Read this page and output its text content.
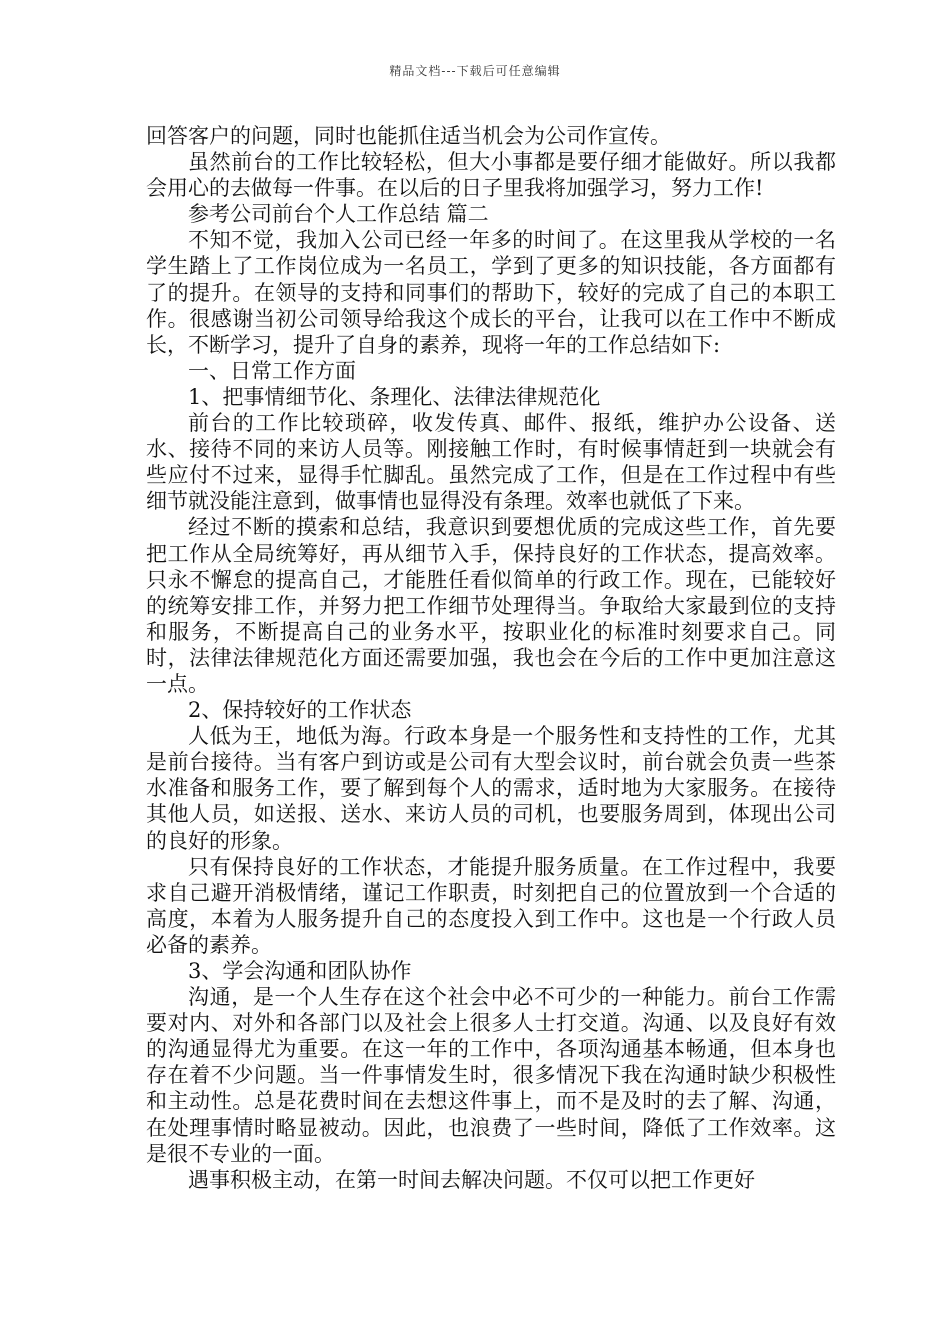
精品文档---下载后可任意编辑

回答客户的问题，同时也能抓住适当机会为公司作宣传。

虽然前台的工作比较轻松，但大小事都是要仔细才能做好。所以我都会用心的去做每一件事。在以后的日子里我将加强学习，努力工作!

参考公司前台个人工作总结 篇二

不知不觉，我加入公司已经一年多的时间了。在这里我从学校的一名学生踏上了工作岗位成为一名员工，学到了更多的知识技能，各方面都有了的提升。在领导的支持和同事们的帮助下，较好的完成了自己的本职工作。很感谢当初公司领导给我这个成长的平台，让我可以在工作中不断成长，不断学习，提升了自身的素养，现将一年的工作总结如下:

一、日常工作方面

1、把事情细节化、条理化、法律法律规范化

前台的工作比较琐碎，收发传真、邮件、报纸，维护办公设备、送水、接待不同的来访人员等。刚接触工作时，有时候事情赶到一块就会有些应付不过来，显得手忙脚乱。虽然完成了工作，但是在工作过程中有些细节就没能注意到，做事情也显得没有条理。效率也就低了下来。

经过不断的摸索和总结，我意识到要想优质的完成这些工作，首先要把工作从全局统筹好，再从细节入手，保持良好的工作状态，提高效率。只永不懈怠的提高自己，才能胜任看似简单的行政工作。现在，已能较好的统筹安排工作，并努力把工作细节处理得当。争取给大家最到位的支持和服务，不断提高自己的业务水平，按职业化的标准时刻要求自己。同时，法律法律规范化方面还需要加强，我也会在今后的工作中更加注意这一点。

2、保持较好的工作状态

人低为王，地低为海。行政本身是一个服务性和支持性的工作，尤其是前台接待。当有客户到访或是公司有大型会议时，前台就会负责一些茶水准备和服务工作，要了解到每个人的需求，适时地为大家服务。在接待其他人员，如送报、送水、来访人员的司机，也要服务周到，体现出公司的良好的形象。

只有保持良好的工作状态，才能提升服务质量。在工作过程中，我要求自己避开消极情绪，谨记工作职责，时刻把自己的位置放到一个合适的高度，本着为人服务提升自己的态度投入到工作中。这也是一个行政人员必备的素养。

3、学会沟通和团队协作

沟通，是一个人生存在这个社会中必不可少的一种能力。前台工作需要对内、对外和各部门以及社会上很多人士打交道。沟通、以及良好有效的沟通显得尤为重要。在这一年的工作中，各项沟通基本畅通，但本身也存在着不少问题。当一件事情发生时，很多情况下我在沟通时缺少积极性和主动性。总是花费时间在去想这件事上，而不是及时的去了解、沟通，在处理事情时略显被动。因此，也浪费了一些时间，降低了工作效率。这是很不专业的一面。

遇事积极主动，在第一时间去解决问题。不仅可以把工作更好
